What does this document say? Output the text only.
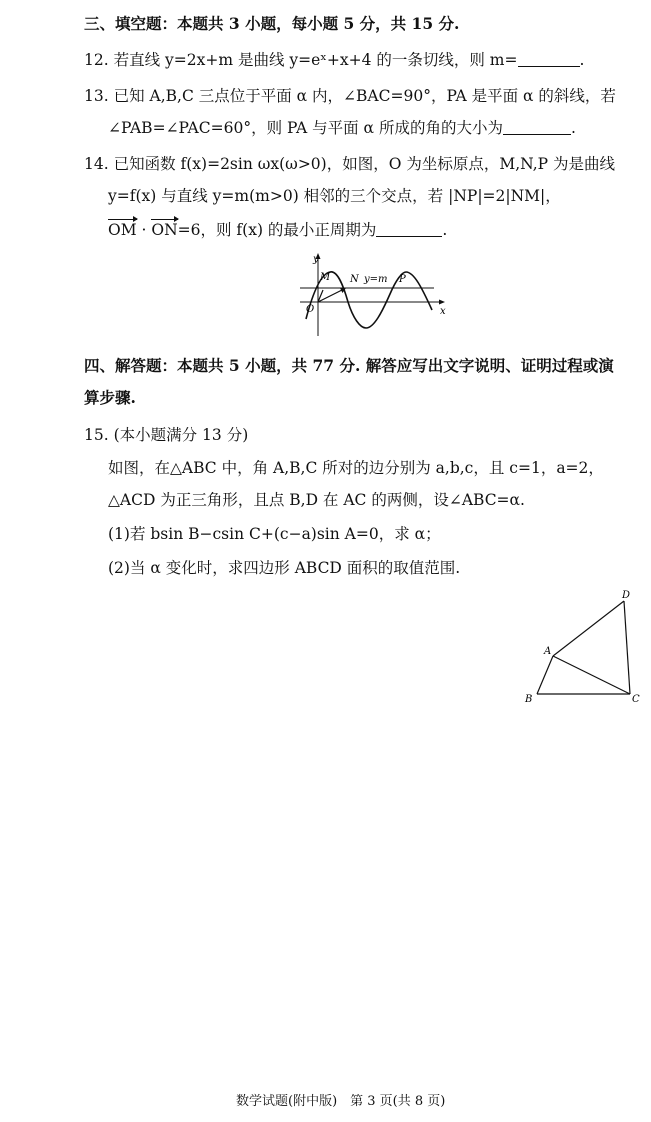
三、填空题：本题共 3 小题，每小题 5 分，共 15 分.
12. 若直线 y=2x+m 是曲线 y=eˣ+x+4 的一条切线，则 m=	.
13. 已知 A,B,C 三点位于平面 α 内，∠BAC=90°，PA 是平面 α 的斜线，若
∠PAB=∠PAC=60°，则 PA 与平面 α 所成的角的大小为	.
14. 已知函数 f(x)=2sin ωx(ω>0)，如图，O 为坐标原点，M,N,P 为是曲线
y=f(x) 与直线 y=m(m>0) 相邻的三个交点，若 |NP|=2|NM|，
OM · ON=6，则 f(x) 的最小正周期为	.
y
x
O
M N y=m P
四、解答题：本题共 5 小题，共 77 分. 解答应写出文字说明、证明过程或演
算步骤.
15. (本小题满分 13 分)
如图，在△ABC 中，角 A,B,C 所对的边分别为 a,b,c，且 c=1，a=2，
△ACD 为正三角形，且点 B,D 在 AC 的两侧，设∠ABC=α.
(1)若 bsin B−csin C+(c−a)sin A=0，求 α；
(2)当 α 变化时，求四边形 ABCD 面积的取值范围.
A
B	C
D
数学试题(附中版)　第 3 页(共 8 页)
